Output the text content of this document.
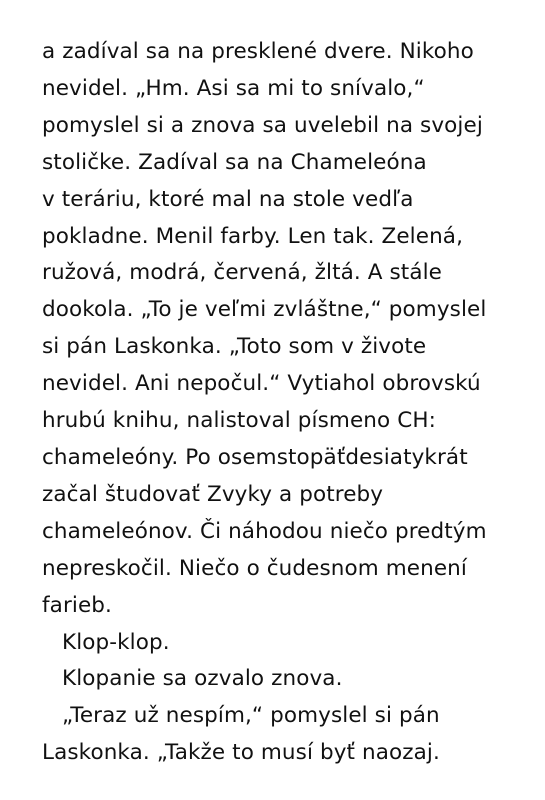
a zadíval sa na presklené dvere. Nikoho
nevidel. „Hm. Asi sa mi to snívalo,“
pomyslel si a znova sa uvelebil na svojej
stoličke. Zadíval sa na Chameleóna
v teráriu, ktoré mal na stole vedľa
pokladne. Menil farby. Len tak. Zelená,
ružová, modrá, červená, žltá. A stále
dookola. „To je veľmi zvláštne,“ pomyslel
si pán Laskonka. „Toto som v živote
nevidel. Ani nepočul.“ Vytiahol obrovskú
hrubú knihu, nalistoval písmeno CH:
chameleóny. Po osemstopäťdesiatykrát
začal študovať Zvyky a potreby
chameleónov. Či náhodou niečo predtým
nepreskočil. Niečo o čudesnom menení
farieb.
Klop-klop.
Klopanie sa ozvalo znova.
„Teraz už nespím,“ pomyslel si pán
Laskonka. „Takže to musí byť naozaj.
